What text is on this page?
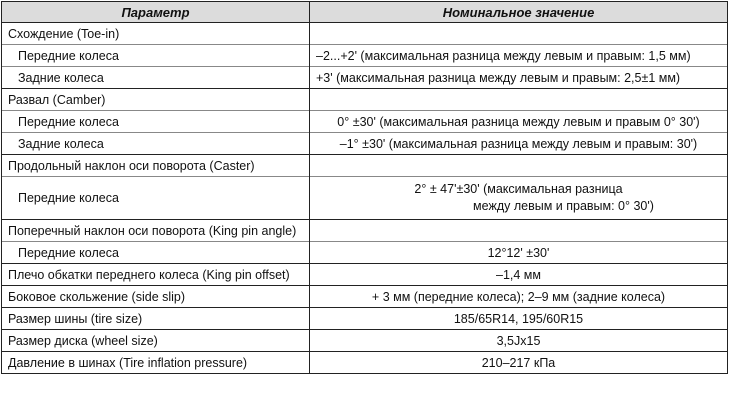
Параметр	Номинальное значение
Схождение (Toe-in)	
Передние колеса	–2...+2' (максимальная разница между левым и правым: 1,5 мм)
Задние колеса	+3' (максимальная разница между левым и правым: 2,5±1 мм)
Развал (Camber)	
Передние колеса	0° ±30' (максимальная разница между левым и правым 0° 30')
Задние колеса	–1° ±30' (максимальная разница между левым и правым: 30')
Продольный наклон оси поворота (Caster)	
Передние колеса	2° ± 47'±30' (максимальная разница
между левым и правым: 0° 30')

Поперечный наклон оси поворота (King pin angle)	
Передние колеса	12°12' ±30'
Плечо обкатки переднего колеса (King pin offset)	–1,4 мм
Боковое скольжение (side slip)	+ 3 мм (передние колеса); 2–9 мм (задние колеса)
Размер шины (tire size)	185/65R14, 195/60R15
Размер диска (wheel size)	3,5Jx15
Давление в шинах (Tire inflation pressure)	210–217 кПа
